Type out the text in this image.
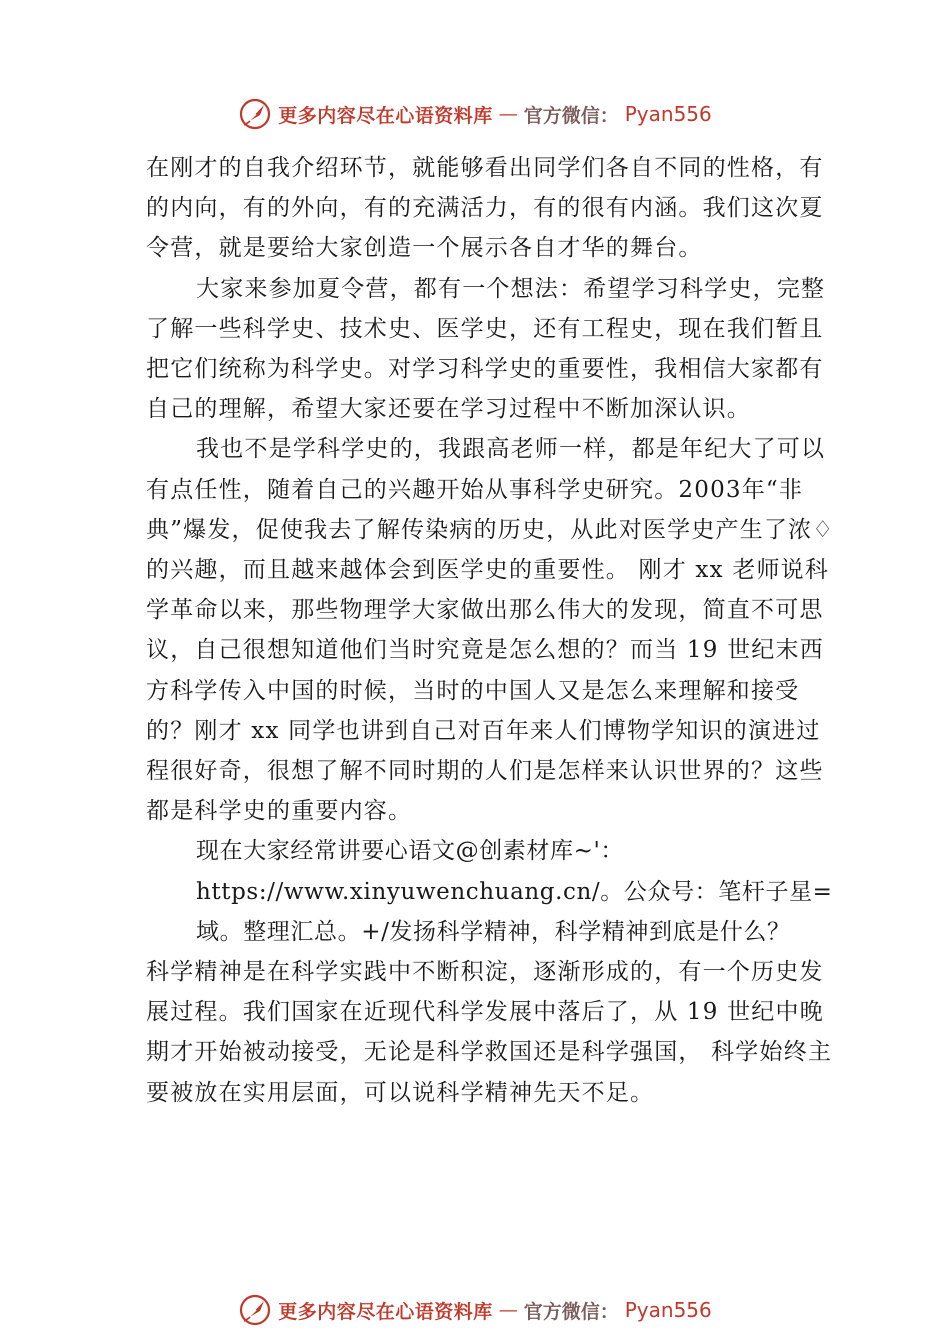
更多内容尽在心语资料库 — 官方微信： Pyan556

在刚才的自我介绍环节，就能够看出同学们各自不同的性格，有的内向，有的外向，有的充满活力，有的很有内涵。我们这次夏令营，就是要给大家创造一个展示各自才华的舞台。

大家来参加夏令营，都有一个想法：希望学习科学史，完整了解一些科学史、技术史、医学史，还有工程史，现在我们暂且把它们统称为科学史。对学习科学史的重要性，我相信大家都有自己的理解，希望大家还要在学习过程中不断加深认识。

我也不是学科学史的，我跟高老师一样，都是年纪大了可以有点任性，随着自己的兴趣开始从事科学史研究。2003年“非典”爆发，促使我去了解传染病的历史，从此对医学史产生了浓♢的兴趣，而且越来越体会到医学史的重要性。 刚才 xx 老师说科学革命以来，那些物理学大家做出那么伟大的发现，简直不可思议，自己很想知道他们当时究竟是怎么想的？而当 19 世纪末西方科学传入中国的时候，当时的中国人又是怎么来理解和接受的？刚才 xx 同学也讲到自己对百年来人们博物学知识的演进过程很好奇，很想了解不同时期的人们是怎样来认识世界的？这些都是科学史的重要内容。

现在大家经常讲要心语文@创素材库~'：https://www.xinyuwenchuang.cn/。公众号：笔杆子星=域。整理汇总。+/发扬科学精神，科学精神到底是什么？

科学精神是在科学实践中不断积淀，逐渐形成的，有一个历史发展过程。我们国家在近现代科学发展中落后了，从 19 世纪中晚期才开始被动接受，无论是科学救国还是科学强国， 科学始终主要被放在实用层面，可以说科学精神先天不足。

更多内容尽在心语资料库 — 官方微信： Pyan556
